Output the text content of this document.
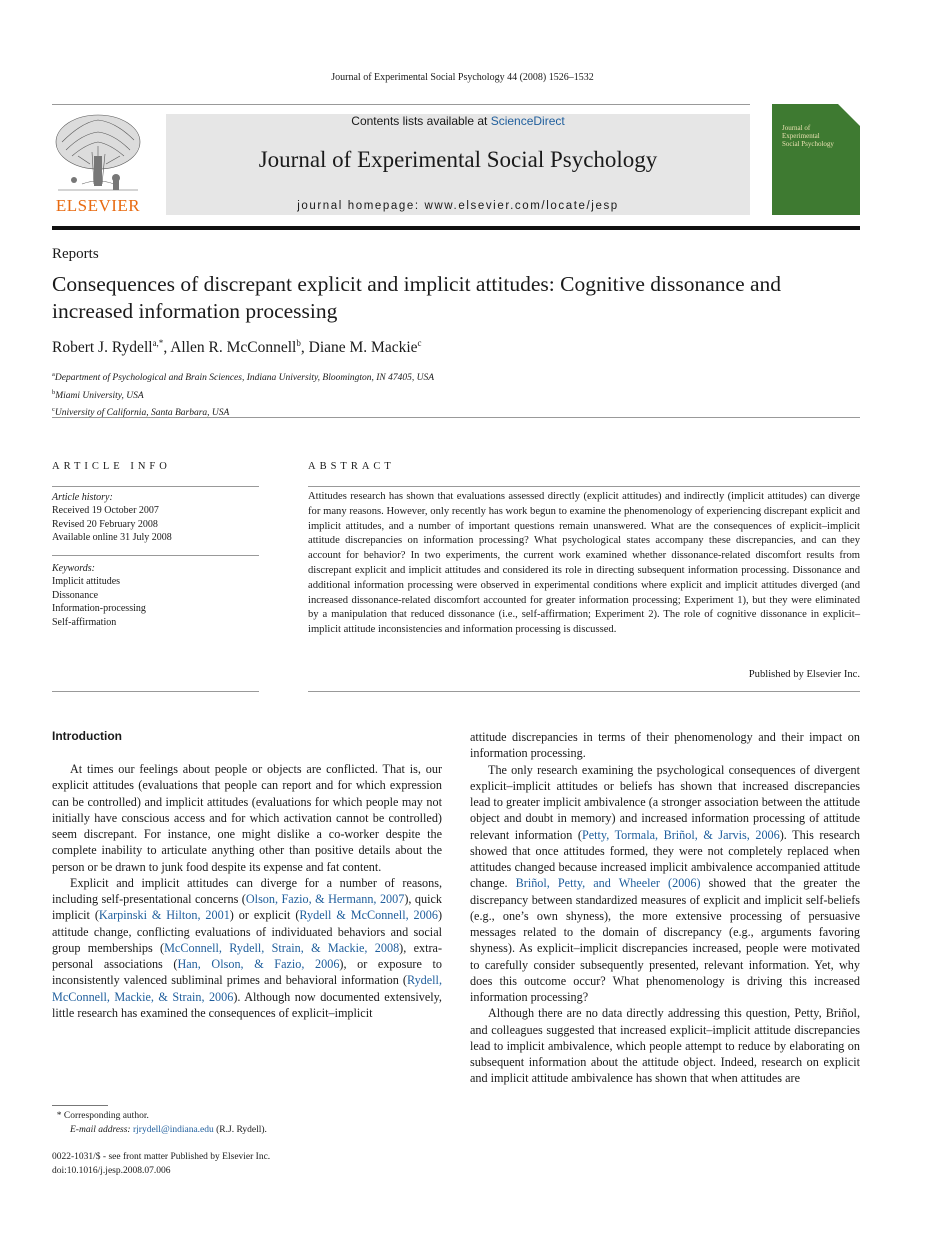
Journal of Experimental Social Psychology 44 (2008) 1526–1532
ELSEVIER
Contents lists available at ScienceDirect
Journal of Experimental Social Psychology
journal homepage: www.elsevier.com/locate/jesp
Journal of
Experimental
Social Psychology
Reports
Consequences of discrepant explicit and implicit attitudes: Cognitive dissonance and increased information processing
Robert J. Rydell$^{a,*}$, Allen R. McConnell$^b$, Diane M. Mackie$^c$
$^a$Department of Psychological and Brain Sciences, Indiana University, Bloomington, IN 47405, USA
$^b$Miami University, USA
$^c$University of California, Santa Barbara, USA
ARTICLE INFO
Article history:
Received 19 October 2007
Revised 20 February 2008
Available online 31 July 2008
Keywords:
Implicit attitudes
Dissonance
Information-processing
Self-affirmation
ABSTRACT
Attitudes research has shown that evaluations assessed directly (explicit attitudes) and indirectly (implicit attitudes) can diverge for many reasons. However, only recently has work begun to examine the phenomenology of experiencing discrepant explicit and implicit attitudes, and a number of important questions remain unanswered. What are the consequences of explicit–implicit attitude discrepancies on information processing? What psychological states accompany these discrepancies, and can they account for behavior? In two experiments, the current work examined whether dissonance-related discomfort results from discrepant explicit and implicit attitudes and considered its role in directing subsequent information processing. Dissonance and additional information processing were observed in experimental conditions where explicit and implicit attitudes diverged (and increased dissonance-related discomfort accounted for greater information processing; Experiment 1), but they were eliminated by a manipulation that reduced dissonance (i.e., self-affirmation; Experiment 2). The role of cognitive dissonance in explicit–implicit attitude inconsistencies and information processing is discussed.
Published by Elsevier Inc.
Introduction

At times our feelings about people or objects are conflicted. That is, our explicit attitudes (evaluations that people can report and for which expression can be controlled) and implicit attitudes (evaluations for which people may not initially have conscious access and for which activation cannot be controlled) seem discrepant. For instance, one might dislike a co-worker despite the complete inability to articulate anything other than positive details about the person or be drawn to junk food despite its expense and fat content.

Explicit and implicit attitudes can diverge for a number of reasons, including self-presentational concerns (Olson, Fazio, & Hermann, 2007), quick implicit (Karpinski & Hilton, 2001) or explicit (Rydell & McConnell, 2006) attitude change, conflicting evaluations of individuated behaviors and social group memberships (McConnell, Rydell, Strain, & Mackie, 2008), extra-personal associations (Han, Olson, & Fazio, 2006), or exposure to inconsistently valenced subliminal primes and behavioral information (Rydell, McConnell, Mackie, & Strain, 2006). Although now documented extensively, little research has examined the consequences of explicit–implicit

attitude discrepancies in terms of their phenomenology and their impact on information processing.

The only research examining the psychological consequences of divergent explicit–implicit attitudes or beliefs has shown that increased discrepancies lead to greater implicit ambivalence (a stronger association between the attitude object and doubt in memory) and increased information processing of attitude relevant information (Petty, Tormala, Briñol, & Jarvis, 2006). This research showed that once attitudes formed, they were not completely replaced when attitudes changed because increased implicit ambivalence accompanied attitude change. Briñol, Petty, and Wheeler (2006) showed that the greater the discrepancy between standardized measures of explicit and implicit self-beliefs (e.g., one’s own shyness), the more extensive processing of persuasive messages related to the domain of discrepancy (e.g., arguments favoring shyness). As explicit–implicit discrepancies increased, people were motivated to carefully consider subsequently presented, relevant information. Yet, why does this outcome occur? What phenomenology is driving this increased information processing?

Although there are no data directly addressing this question, Petty, Briñol, and colleagues suggested that increased explicit–implicit attitude discrepancies lead to implicit ambivalence, which people attempt to reduce by elaborating on subsequent information about the attitude object. Indeed, research on explicit and implicit attitude ambivalence has shown that when attitudes are

* Corresponding author.
E-mail address: rjrydell@indiana.edu (R.J. Rydell).
0022-1031/$ - see front matter Published by Elsevier Inc.
doi:10.1016/j.jesp.2008.07.006
